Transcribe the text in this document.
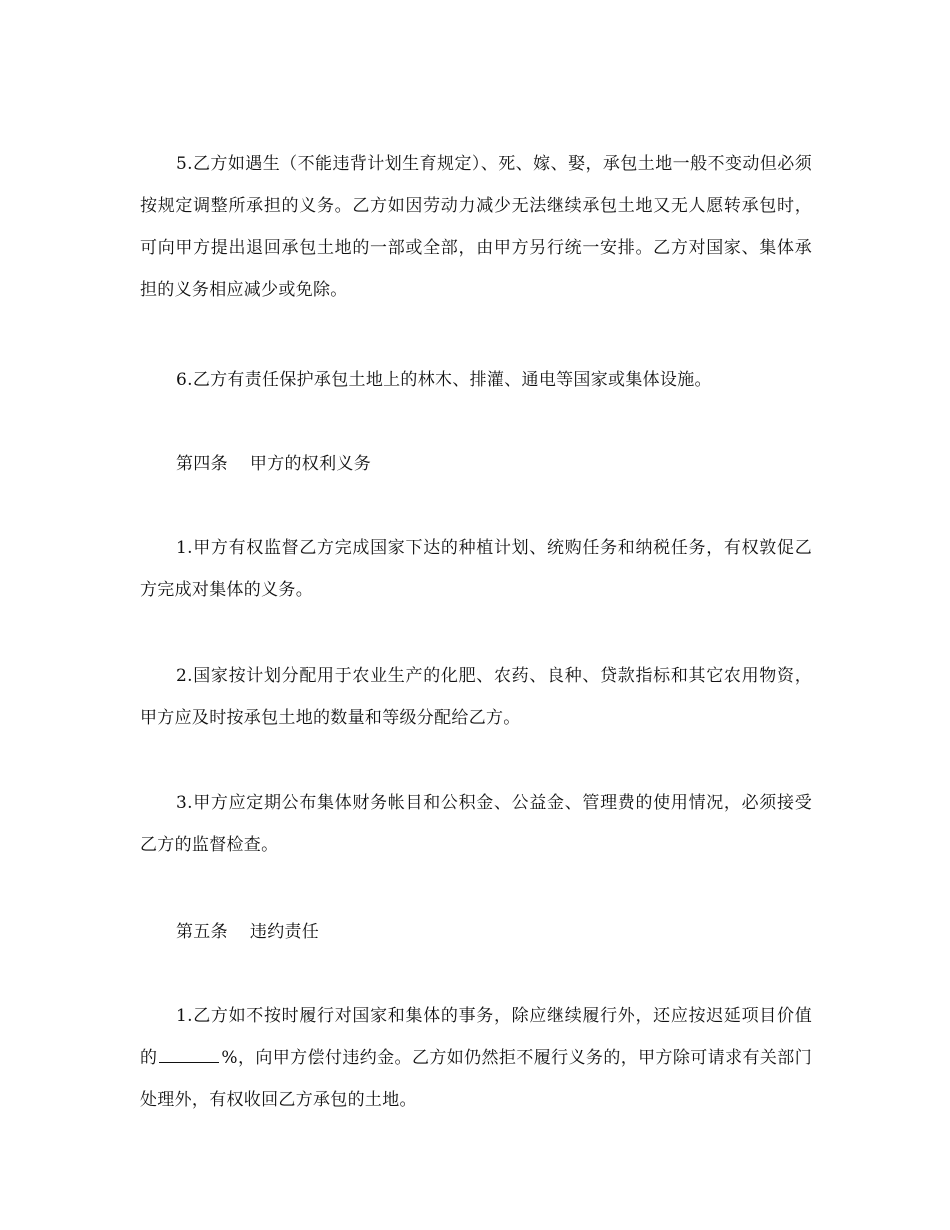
5.乙方如遇生（不能违背计划生育规定）、死、嫁、娶，承包土地一般不变动但必须按规定调整所承担的义务。乙方如因劳动力减少无法继续承包土地又无人愿转承包时，可向甲方提出退回承包土地的一部或全部，由甲方另行统一安排。乙方对国家、集体承担的义务相应减少或免除。

6.乙方有责任保护承包土地上的林木、排灌、通电等国家或集体设施。

第四条 甲方的权利义务

1.甲方有权监督乙方完成国家下达的种植计划、统购任务和纳税任务，有权敦促乙方完成对集体的义务。

2.国家按计划分配用于农业生产的化肥、农药、良种、贷款指标和其它农用物资，甲方应及时按承包土地的数量和等级分配给乙方。

3.甲方应定期公布集体财务帐目和公积金、公益金、管理费的使用情况，必须接受乙方的监督检查。

第五条 违约责任

1.乙方如不按时履行对国家和集体的事务，除应继续履行外，还应按迟延项目价值的	%，向甲方偿付违约金。乙方如仍然拒不履行义务的，甲方除可请求有关部门处理外，有权收回乙方承包的土地。
